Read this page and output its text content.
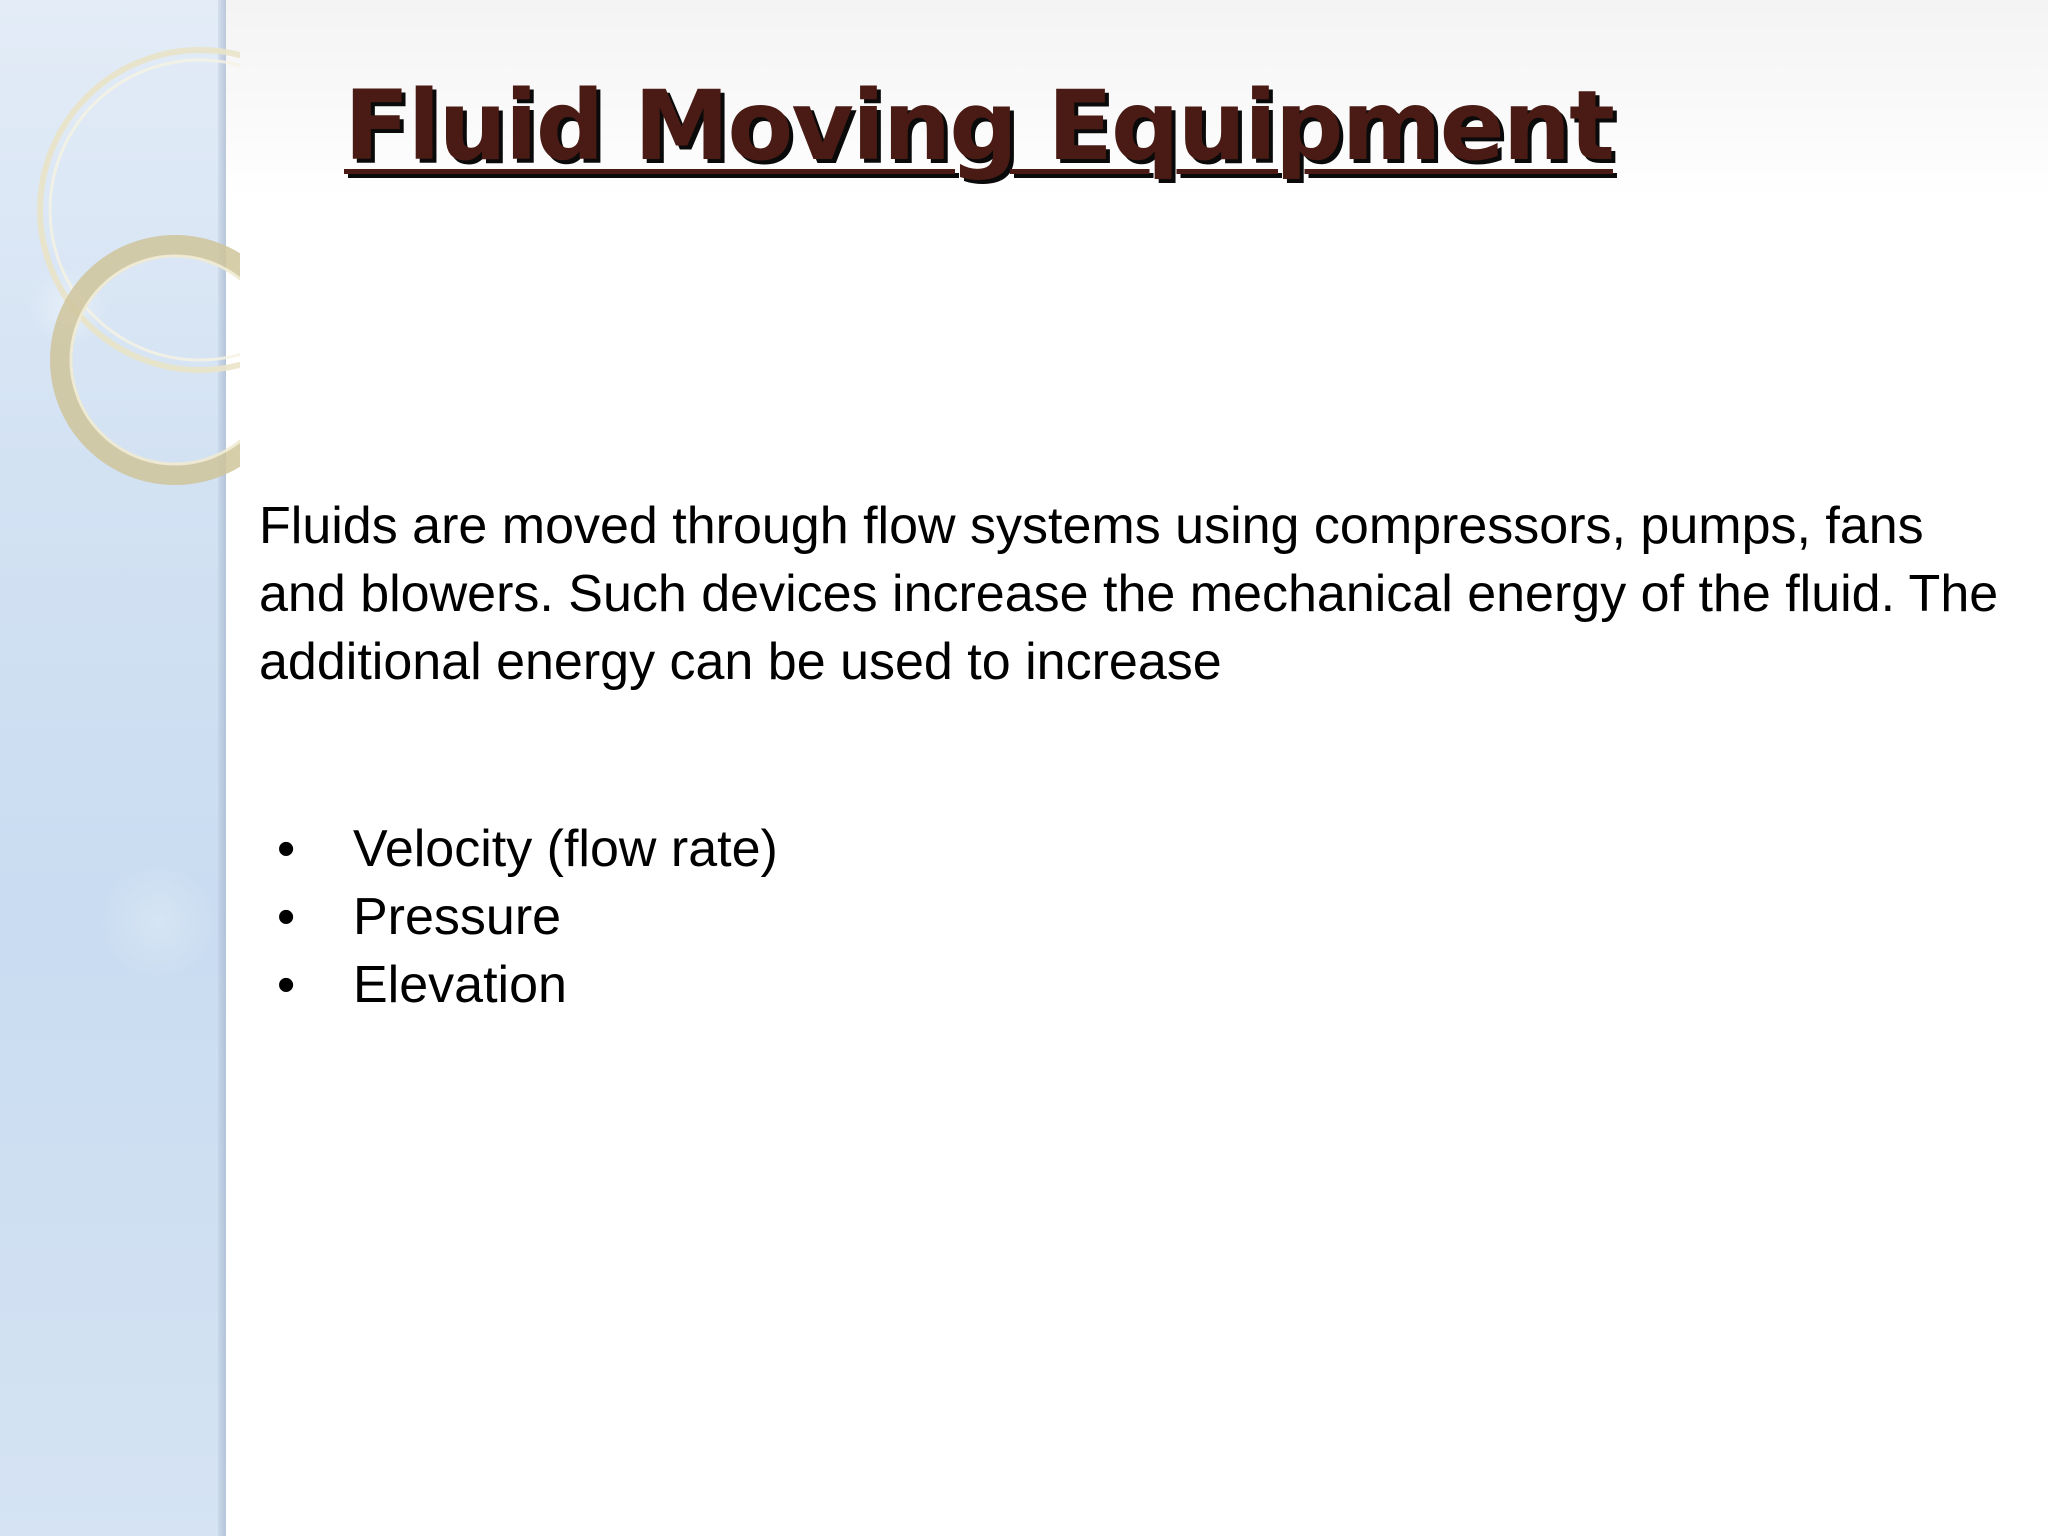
Fluid Moving Equipment

Fluids are moved through flow systems using compressors, pumps, fans and blowers. Such devices increase the mechanical energy of the fluid. The additional energy can be used to increase

•	Velocity (flow rate)
•	Pressure
•	Elevation
